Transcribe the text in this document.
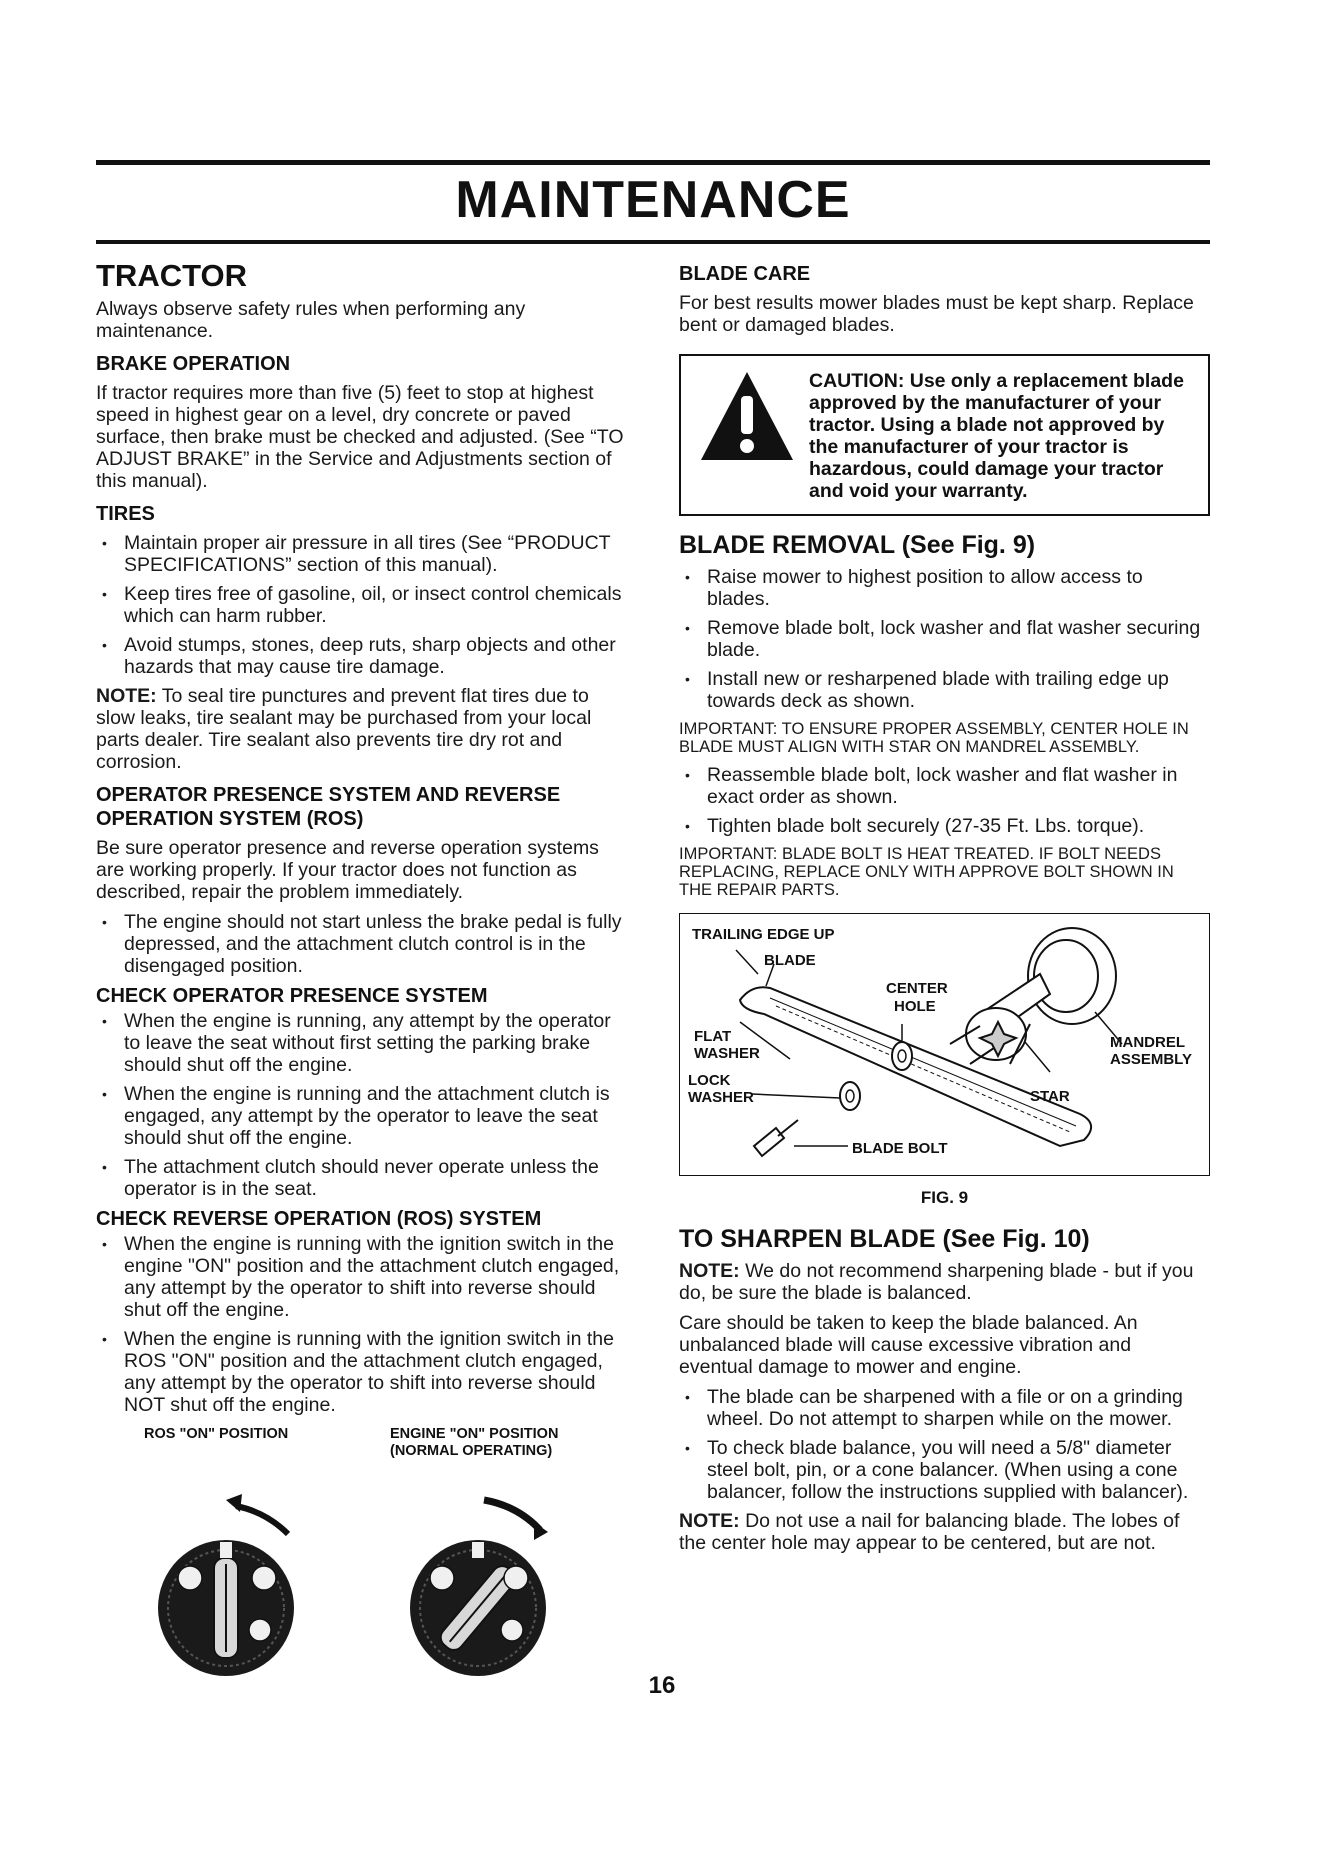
MAINTENANCE
TRACTOR

Always observe safety rules when performing any maintenance.

BRAKE OPERATION

If tractor requires more than five (5) feet to stop at highest speed in highest gear on a level, dry concrete or paved surface, then brake must be checked and adjusted. (See “TO ADJUST BRAKE” in the Service and Adjustments section of this manual).

TIRES
• Maintain proper air pressure in all tires (See “PRODUCT SPECIFICATIONS” section of this manual).
• Keep tires free of gasoline, oil, or insect control chemicals which can harm rubber.
• Avoid stumps, stones, deep ruts, sharp objects and other hazards that may cause tire damage.

NOTE: To seal tire punctures and prevent flat tires due to slow leaks, tire sealant may be purchased from your local parts dealer. Tire sealant also prevents tire dry rot and corrosion.

OPERATOR PRESENCE SYSTEM AND REVERSE OPERATION SYSTEM (ROS)

Be sure operator presence and reverse operation systems are working properly. If your tractor does not function as described, repair the problem immediately.

• The engine should not start unless the brake pedal is fully depressed, and the attachment clutch control is in the disengaged position.
CHECK OPERATOR PRESENCE SYSTEM
• When the engine is running, any attempt by the operator to leave the seat without first setting the parking brake should shut off the engine.
• When the engine is running and the attachment clutch is engaged, any attempt by the operator to leave the seat should shut off the engine.
• The attachment clutch should never operate unless the operator is in the seat.
CHECK REVERSE OPERATION (ROS) SYSTEM
• When the engine is running with the ignition switch in the engine "ON" position and the attachment clutch engaged, any attempt by the operator to shift into reverse should shut off the engine.
• When the engine is running with the ignition switch in the ROS "ON" position and the attachment clutch engaged, any attempt by the operator to shift into reverse should NOT shut off the engine.
ROS "ON" POSITION	ENGINE "ON" POSITION
(NORMAL OPERATING)
BLADE CARE

For best results mower blades must be kept sharp. Replace bent or damaged blades.

CAUTION: Use only a replacement blade approved by the manufacturer of your tractor. Using a blade not approved by the manufacturer of your tractor is hazardous, could damage your tractor and void your warranty.
BLADE REMOVAL (See Fig. 9)
• Raise mower to highest position to allow access to blades.
• Remove blade bolt, lock washer and flat washer securing blade.
• Install new or resharpened blade with trailing edge up towards deck as shown.

IMPORTANT: TO ENSURE PROPER ASSEMBLY, CENTER HOLE IN BLADE MUST ALIGN WITH STAR ON MANDREL ASSEMBLY.

• Reassemble blade bolt, lock washer and flat washer in exact order as shown.
• Tighten blade bolt securely (27-35 Ft. Lbs. torque).

IMPORTANT: BLADE BOLT IS HEAT TREATED. IF BOLT NEEDS REPLACING, REPLACE ONLY WITH APPROVE BOLT SHOWN IN THE REPAIR PARTS.

TRAILING EDGE UP
BLADE
CENTER
HOLE
FLAT
WASHER
LOCK
WASHER
MANDREL
ASSEMBLY
STAR
BLADE BOLT
FIG. 9
TO SHARPEN BLADE (See Fig. 10)

NOTE: We do not recommend sharpening blade - but if you do, be sure the blade is balanced.

Care should be taken to keep the blade balanced. An unbalanced blade will cause excessive vibration and eventual damage to mower and engine.

• The blade can be sharpened with a file or on a grinding wheel. Do not attempt to sharpen while on the mower.
• To check blade balance, you will need a 5/8" diameter steel bolt, pin, or a cone balancer. (When using a cone balancer, follow the instructions supplied with balancer).

NOTE: Do not use a nail for balancing blade. The lobes of the center hole may appear to be centered, but are not.

16
